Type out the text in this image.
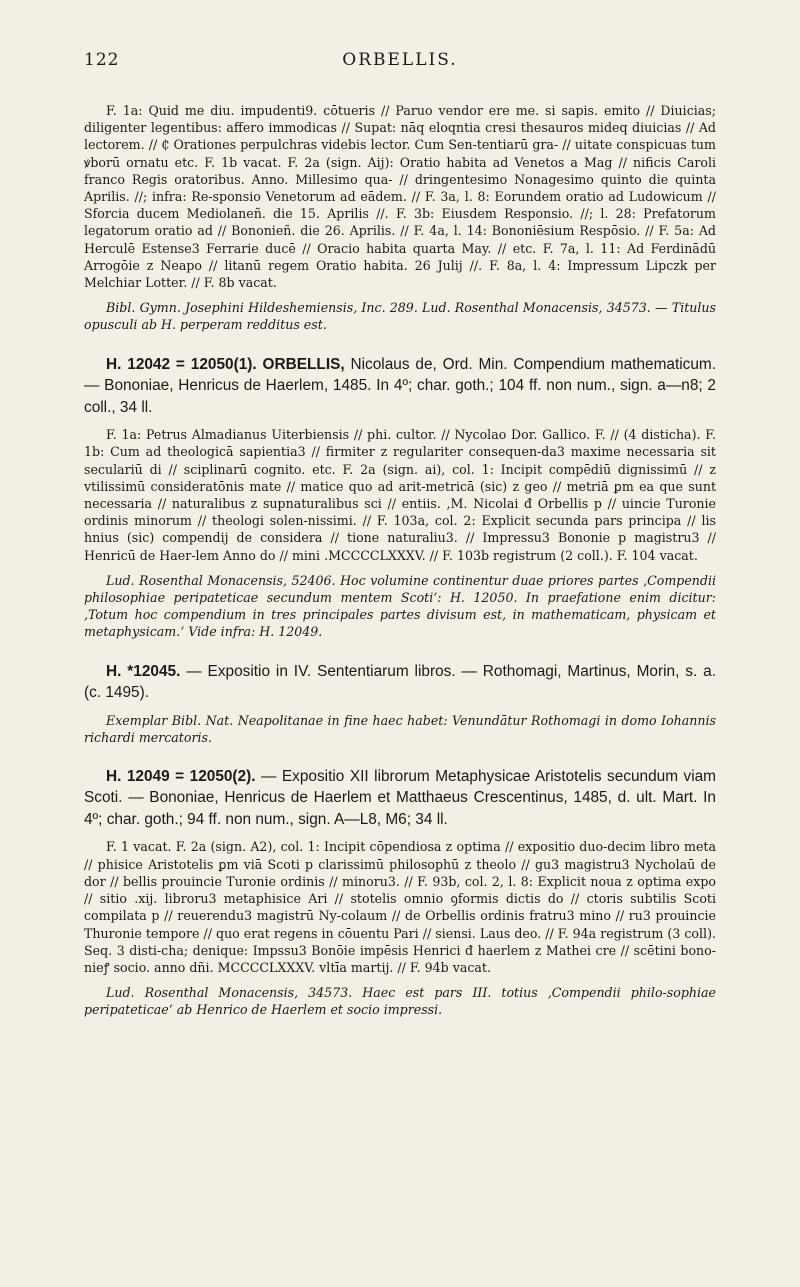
122	ORBELLIS.

F. 1a: Quid me diu. impudenti9. cōtueris // Paruo vendor ere me. si sapis. emito // Diuicias; diligenter legentibus: affero immodicas // Supat: nāq eloqntia cresi thesauros mideq diuicias // Ad lectorem. // ₵ Orationes perpulchras videbis lector. Cum Sen-tentiarū gra- // uitate conspicuas tum ꝟborū ornatu etc. F. 1b vacat. F. 2a (sign. Aij): Oratio habita ad Venetos a Mag // nificis Caroli franco Regis oratoribus. Anno. Millesimo qua- // dringentesimo Nonagesimo quinto die quinta Aprilis. //; infra: Re-sponsio Venetorum ad eādem. // F. 3a, l. 8: Eorundem oratio ad Ludowicum // Sforcia ducem Mediolaneñ. die 15. Aprilis //. F. 3b: Eiusdem Responsio. //; l. 28: Prefatorum legatorum oratio ad // Bononieñ. die 26. Aprilis. // F. 4a, l. 14: Bononiēsium Respōsio. // F. 5a: Ad Herculē Estense3 Ferrarie ducē // Oracio habita quarta May. // etc. F. 7a, l. 11: Ad Ferdinādū Arrogōie z Neapo // litanū regem Oratio habita. 26 Julij //. F. 8a, l. 4: Impressum Lipczk per Melchiar Lotter. // F. 8b vacat.

Bibl. Gymn. Josephini Hildeshemiensis, Inc. 289. Lud. Rosenthal Monacensis, 34573. — Titulus opusculi ab H. perperam redditus est.

H. 12042 = 12050(1). ORBELLIS, Nicolaus de, Ord. Min. Compendium mathematicum. — Bononiae, Henricus de Haerlem, 1485. In 4º; char. goth.; 104 ff. non num., sign. a—n8; 2 coll., 34 ll.

F. 1a: Petrus Almadianus Uiterbiensis // phi. cultor. // Nycolao Dor. Gallico. F. // (4 disticha). F. 1b: Cum ad theologicā sapientia3 // firmiter z regulariter consequen-da3 maxime necessaria sit seculariū di // sciplinarū cognito. etc. F. 2a (sign. ai), col. 1: Incipit compēdiū dignissimū // z vtilissimū consideratōnis mate // matice quo ad arit-metricā (sic) z geo // metriā ꝑm ea que sunt necessaria // naturalibus z supnaturalibus sci // entiis. ,M. Nicolai đ Orbellis p // uincie Turonie ordinis minorum // theologi solen-nissimi. // F. 103a, col. 2: Explicit secunda pars principa // lis hnius (sic) compendij de considera // tione naturaliu3. // Impressu3 Bononie p magistru3 // Henricū de Haer-lem Anno do // mini .MCCCCLXXXV. // F. 103b registrum (2 coll.). F. 104 vacat.

Lud. Rosenthal Monacensis, 52406. Hoc volumine continentur duae priores partes ‚Compendii philosophiae peripateticae secundum mentem Scoti‘: H. 12050. In praefatione enim dicitur: ‚Totum hoc compendium in tres principales partes divisum est, in mathematicam, physicam et metaphysicam.‘ Vide infra: H. 12049.

H. *12045. — Expositio in IV. Sententiarum libros. — Rothomagi, Martinus, Morin, s. a. (c. 1495).

Exemplar Bibl. Nat. Neapolitanae in fine haec habet: Venundātur Rothomagi in domo Iohannis richardi mercatoris.

H. 12049 = 12050(2). — Expositio XII librorum Metaphysicae Aristotelis secundum viam Scoti. — Bononiae, Henricus de Haerlem et Matthaeus Crescentinus, 1485, d. ult. Mart. In 4º; char. goth.; 94 ff. non num., sign. A—L8, M6; 34 ll.

F. 1 vacat. F. 2a (sign. A2), col. 1: Incipit cōpendiosa z optima // expositio duo-decim libro meta // phisice Aristotelis ꝑm viā Scoti p clarissimū philosophū z theolo // gu3 magistru3 Nycholaū de dor // bellis prouincie Turonie ordinis // minoru3. // F. 93b, col. 2, l. 8: Explicit noua z optima expo // sitio .xij. libroru3 metaphisice Ari // stotelis omnio ꝯformis dictis do // ctoris subtilis Scoti compilata p // reuerendu3 magistrū Ny-colaum // de Orbellis ordinis fratru3 mino // ru3 prouincie Thuronie tempore // quo erat regens in cōuentu Pari // siensi. Laus deo. // F. 94a registrum (3 coll). Seq. 3 disti-cha; denique: Impssu3 Bonōie impēsis Henrici đ haerlem z Mathei cre // scētini bono-nieꝭ socio. anno dñi. MCCCCLXXXV. vltīa martij. // F. 94b vacat.

Lud. Rosenthal Monacensis, 34573. Haec est pars III. totius ‚Compendii philo-sophiae peripateticae‘ ab Henrico de Haerlem et socio impressi.
